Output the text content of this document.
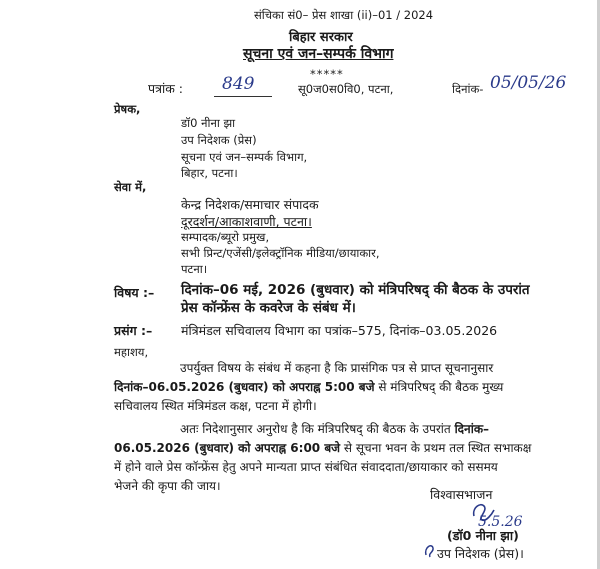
संचिका सं0– प्रेस शाखा (ii)–01 / 2024
बिहार सरकार
सूचना एवं जन–सम्पर्क विभाग
*****
पत्रांक : 849	सू0ज0स0वि0, पटना,	दिनांक- 05/05/26
प्रेषक,
डॉ0 नीना झा
उप निदेशक (प्रेस)
सूचना एवं जन–सम्पर्क विभाग,
बिहार, पटना।
सेवा में,
केन्द्र निदेशक/समाचार संपादक
दूरदर्शन/आकाशवाणी, पटना।
सम्पादक/ब्यूरो प्रमुख,
सभी प्रिन्ट/एजेंसी/इलेक्ट्रॉनिक मीडिया/छायाकार,
पटना।
विषय :– दिनांक–06 मई, 2026 (बुधवार) को मंत्रिपरिषद् की बैठक के उपरांत
प्रेस कॉन्फ्रेंस के कवरेज के संबंध में।
प्रसंग :– मंत्रिमंडल सचिवालय विभाग का पत्रांक–575, दिनांक–03.05.2026
महाशय,
उपर्युक्त विषय के संबंध में कहना है कि प्रासंगिक पत्र से प्राप्त सूचनानुसार
दिनांक–06.05.2026 (बुधवार) को अपराह्न 5:00 बजे से मंत्रिपरिषद् की बैठक मुख्य
सचिवालय स्थित मंत्रिमंडल कक्ष, पटना में होगी।
अतः निदेशानुसार अनुरोध है कि मंत्रिपरिषद् की बैठक के उपरांत दिनांक–
06.05.2026 (बुधवार) को अपराह्न 6:00 बजे से सूचना भवन के प्रथम तल स्थित सभाकक्ष
में होने वाले प्रेस कॉन्फ्रेंस हेतु अपने मान्यता प्राप्त संबंधित संवाददाता/छायाकार को ससमय
भेजने की कृपा की जाय।
विश्वासभाजन
5.5.26
(डॉ0 नीना झा)
उप निदेशक (प्रेस)।
